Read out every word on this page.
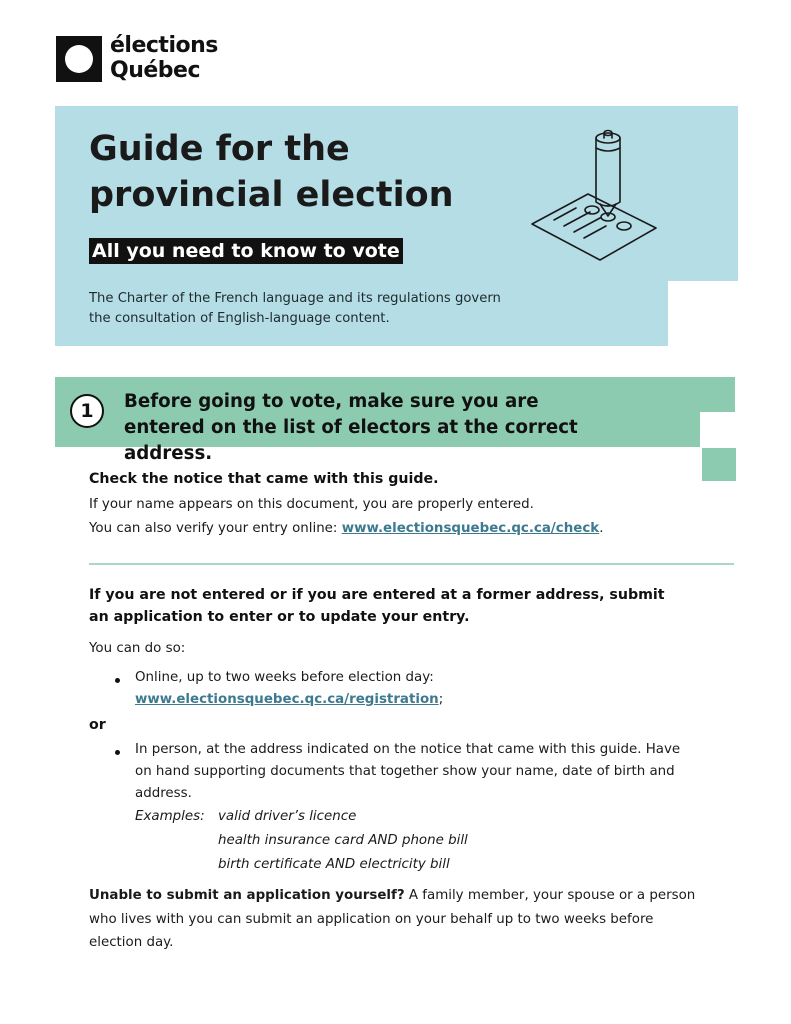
élections
Québec
Guide for the provincial election
All you need to know to vote
The Charter of the French language and its regulations govern the consultation of English-language content.
1	Before going to vote, make sure you are entered on the list of electors at the correct address.
Check the notice that came with this guide.
If your name appears on this document, you are properly entered.
You can also verify your entry online: www.electionsquebec.qc.ca/check.
If you are not entered or if you are entered at a former address, submit an application to enter or to update your entry.
You can do so:
Online, up to two weeks before election day:
www.electionsquebec.qc.ca/registration;
or
In person, at the address indicated on the notice that came with this guide. Have on hand supporting documents that together show your name, date of birth and address.
Examples: valid driver’s licence
health insurance card AND phone bill
birth certificate AND electricity bill
Unable to submit an application yourself? A family member, your spouse or a person who lives with you can submit an application on your behalf up to two weeks before election day.
